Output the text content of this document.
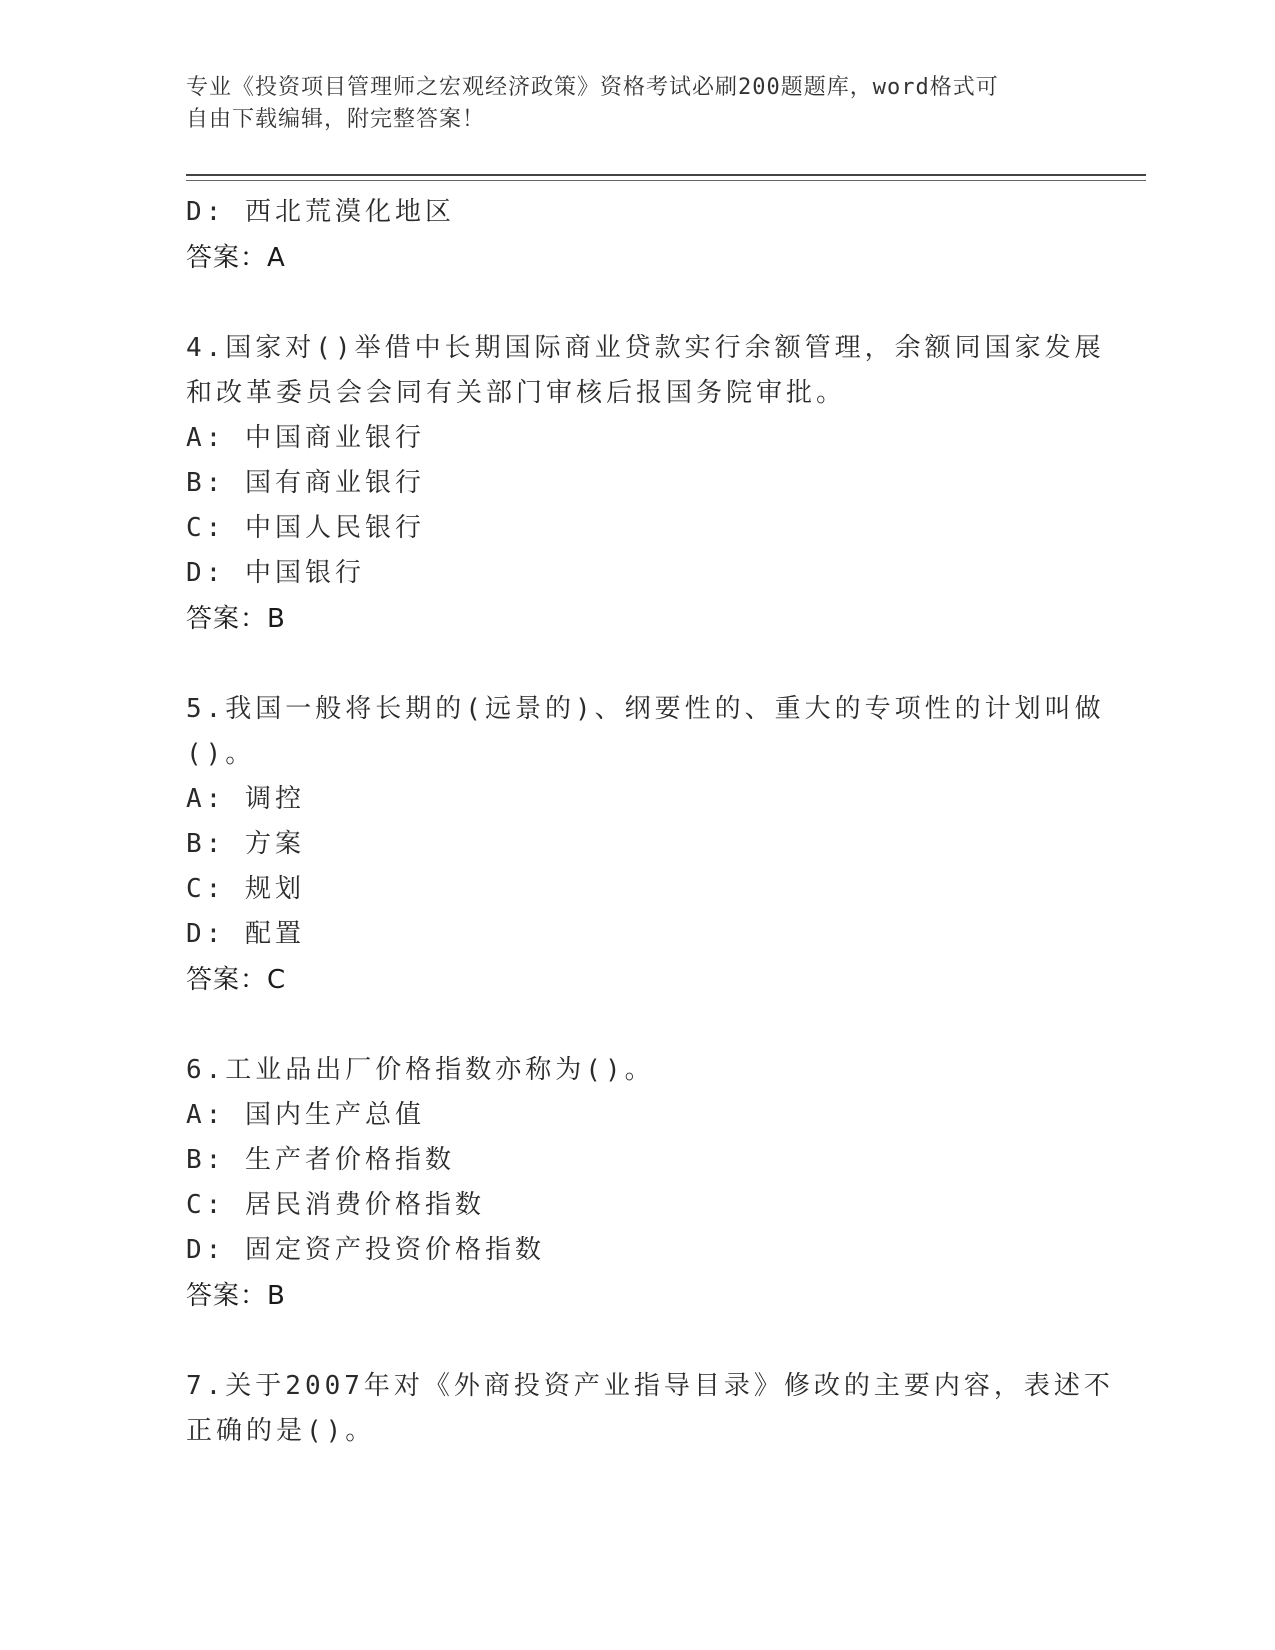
专业《投资项目管理师之宏观经济政策》资格考试必刷200题题库，word格式可
自由下载编辑，附完整答案！
D: 西北荒漠化地区
答案：A
4.国家对()举借中长期国际商业贷款实行余额管理，余额同国家发展
和改革委员会会同有关部门审核后报国务院审批。
A: 中国商业银行
B: 国有商业银行
C: 中国人民银行
D: 中国银行
答案：B
5.我国一般将长期的(远景的)、纲要性的、重大的专项性的计划叫做
()。
A: 调控
B: 方案
C: 规划
D: 配置
答案：C
6.工业品出厂价格指数亦称为()。
A: 国内生产总值
B: 生产者价格指数
C: 居民消费价格指数
D: 固定资产投资价格指数
答案：B
7.关于2007年对《外商投资产业指导目录》修改的主要内容，表述不
正确的是()。
